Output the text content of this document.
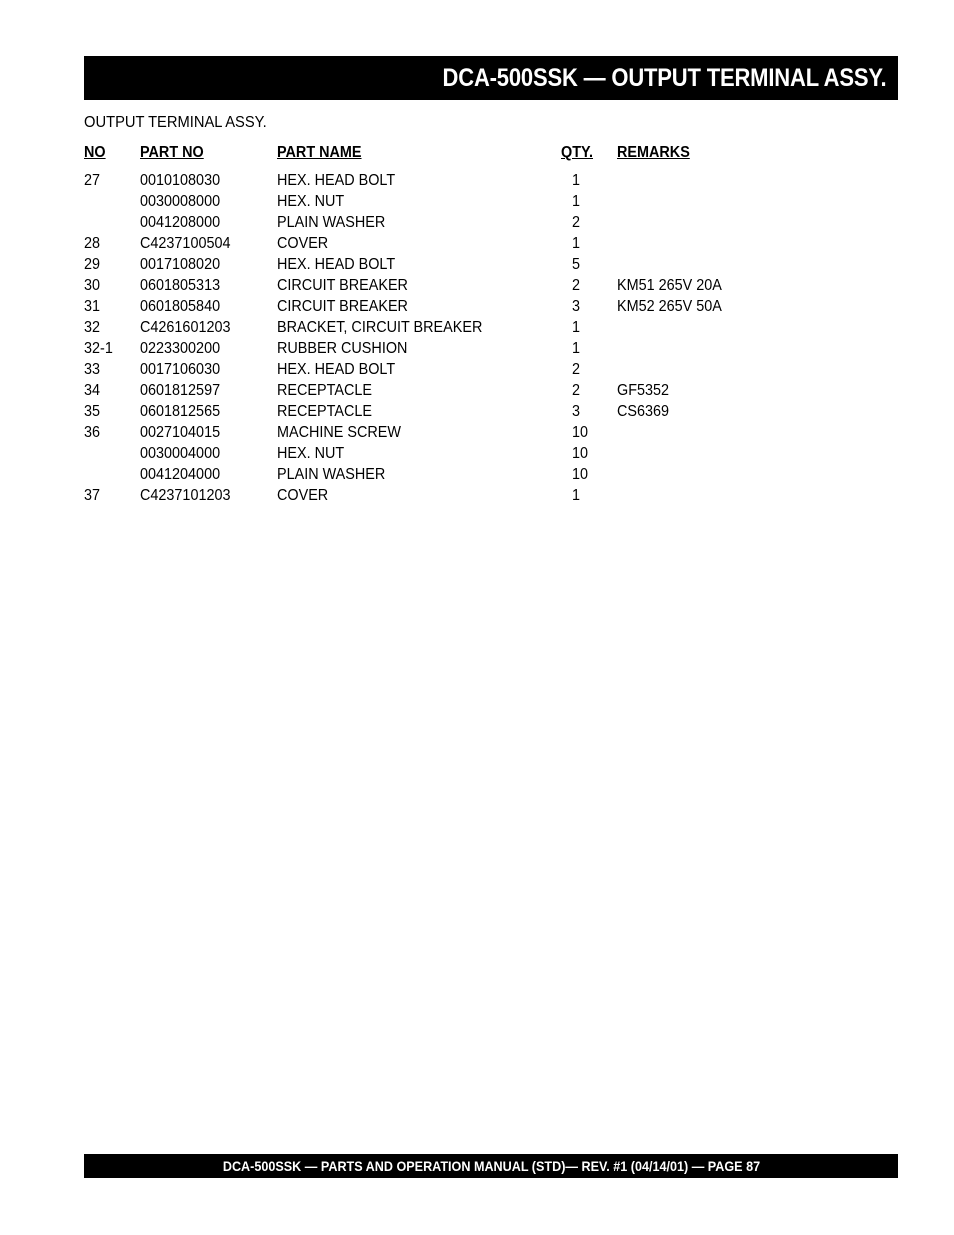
DCA-500SSK — OUTPUT TERMINAL ASSY.
OUTPUT TERMINAL ASSY.
NO PART NO	PART NAME	QTY. REMARKS
27 0010108030	HEX. HEAD BOLT	1
0030008000	HEX. NUT	1
0041208000	PLAIN WASHER	2
28 C4237100504	COVER	1
29 0017108020	HEX. HEAD BOLT	5
30 0601805313	CIRCUIT BREAKER	2 KM51 265V 20A
31 0601805840	CIRCUIT BREAKER	3 KM52 265V 50A
32 C4261601203	BRACKET, CIRCUIT BREAKER	1
32-1 0223300200	RUBBER CUSHION	1
33 0017106030	HEX. HEAD BOLT	2
34 0601812597	RECEPTACLE	2 GF5352
35 0601812565	RECEPTACLE	3 CS6369
36 0027104015	MACHINE SCREW	10
0030004000	HEX. NUT	10
0041204000	PLAIN WASHER	10
37 C4237101203	COVER	1
DCA-500SSK — PARTS AND OPERATION MANUAL (STD)— REV. #1 (04/14/01) — PAGE 87
